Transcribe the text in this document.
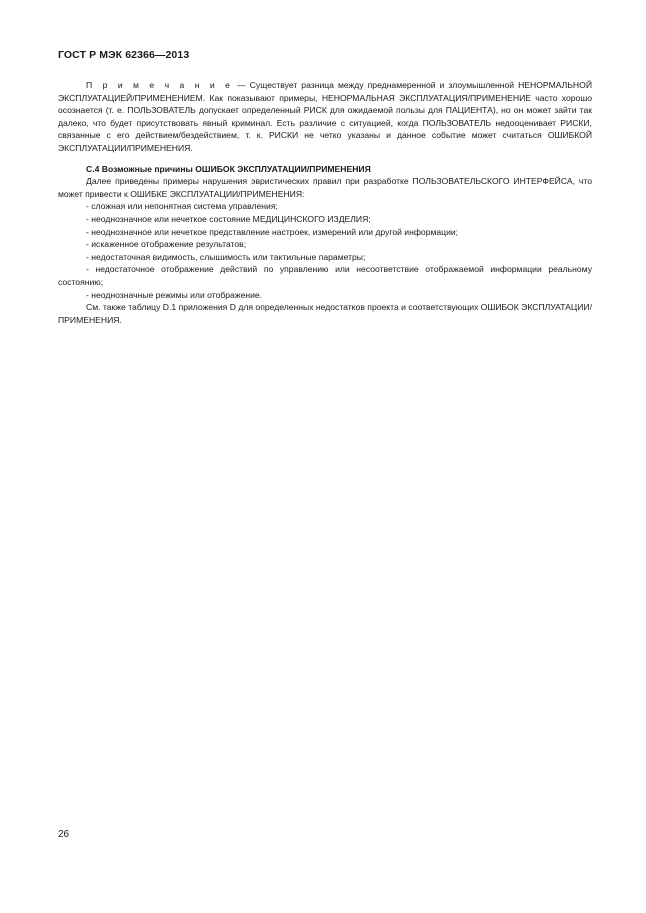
ГОСТ Р МЭК 62366—2013

П р и м е ч а н и е — Существует разница между преднамеренной и злоумышленной НЕНОРМАЛЬНОЙ ЭКСПЛУАТАЦИЕЙ/ПРИМЕНЕНИЕМ. Как показывают примеры, НЕНОРМАЛЬНАЯ ЭКСПЛУАТАЦИЯ/ПРИМЕНЕНИЕ часто хорошо осознается (т. е. ПОЛЬЗОВАТЕЛЬ допускает определенный РИСК для ожидаемой пользы для ПАЦИЕНТА), но он может зайти так далеко, что будет присутствовать явный криминал. Есть различие с ситуацией, когда ПОЛЬЗОВАТЕЛЬ недооценивает РИСКИ, связанные с его действием/бездействием, т. к. РИСКИ не четко указаны и данное событие может считаться ОШИБКОЙ ЭКСПЛУАТАЦИИ/ПРИМЕНЕНИЯ.

С.4 Возможные причины ОШИБОК ЭКСПЛУАТАЦИИ/ПРИМЕНЕНИЯ

Далее приведены примеры нарушения эвристических правил при разработке ПОЛЬЗОВАТЕЛЬСКОГО ИНТЕРФЕЙСА, что может привести к ОШИБКЕ ЭКСПЛУАТАЦИИ/ПРИМЕНЕНИЯ:

- сложная или непонятная система управления;
- неоднозначное или нечеткое состояние МЕДИЦИНСКОГО ИЗДЕЛИЯ;
- неоднозначное или нечеткое представление настроек, измерений или другой информации;
- искаженное отображение результатов;
- недостаточная видимость, слышимость или тактильные параметры;
- недостаточное отображение действий по управлению или несоответствие отображаемой информации реальному состоянию;
- неоднозначные режимы или отображение.

См. также таблицу D.1 приложения D для определенных недостатков проекта и соответствующих ОШИБОК ЭКСПЛУАТАЦИИ/ПРИМЕНЕНИЯ.

26
